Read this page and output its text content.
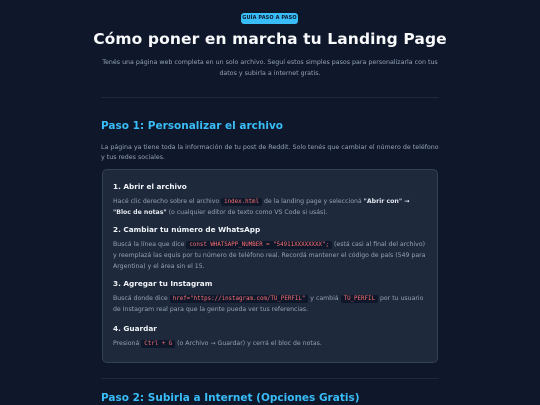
GUÍA PASO A PASO
Cómo poner en marcha tu Landing Page
Tenés una página web completa en un solo archivo. Seguí estos simples pasos para personalizarla con tus datos y subirla a internet gratis.
Paso 1: Personalizar el archivo
La página ya tiene toda la información de tu post de Reddit. Solo tenés que cambiar el número de teléfono y tus redes sociales.
1. Abrir el archivo

Hacé clic derecho sobre el archivo index.html de la landing page y seleccioná "Abrir con" → "Bloc de notas" (o cualquier editor de texto como VS Code si usás).

2. Cambiar tu número de WhatsApp

Buscá la línea que dice const WHATSAPP_NUMBER = "54911XXXXXXXX"; (está casi al final del archivo) y reemplazá las equis por tu número de teléfono real. Recordá mantener el código de país (549 para Argentina) y el área sin el 15.

3. Agregar tu Instagram

Buscá donde dice href="https://instagram.com/TU_PERFIL" y cambiá TU_PERFIL por tu usuario de Instagram real para que la gente pueda ver tus referencias.

4. Guardar

Presioná Ctrl + G (o Archivo → Guardar) y cerrá el bloc de notas.

Paso 2: Subirla a Internet (Opciones Gratis)
